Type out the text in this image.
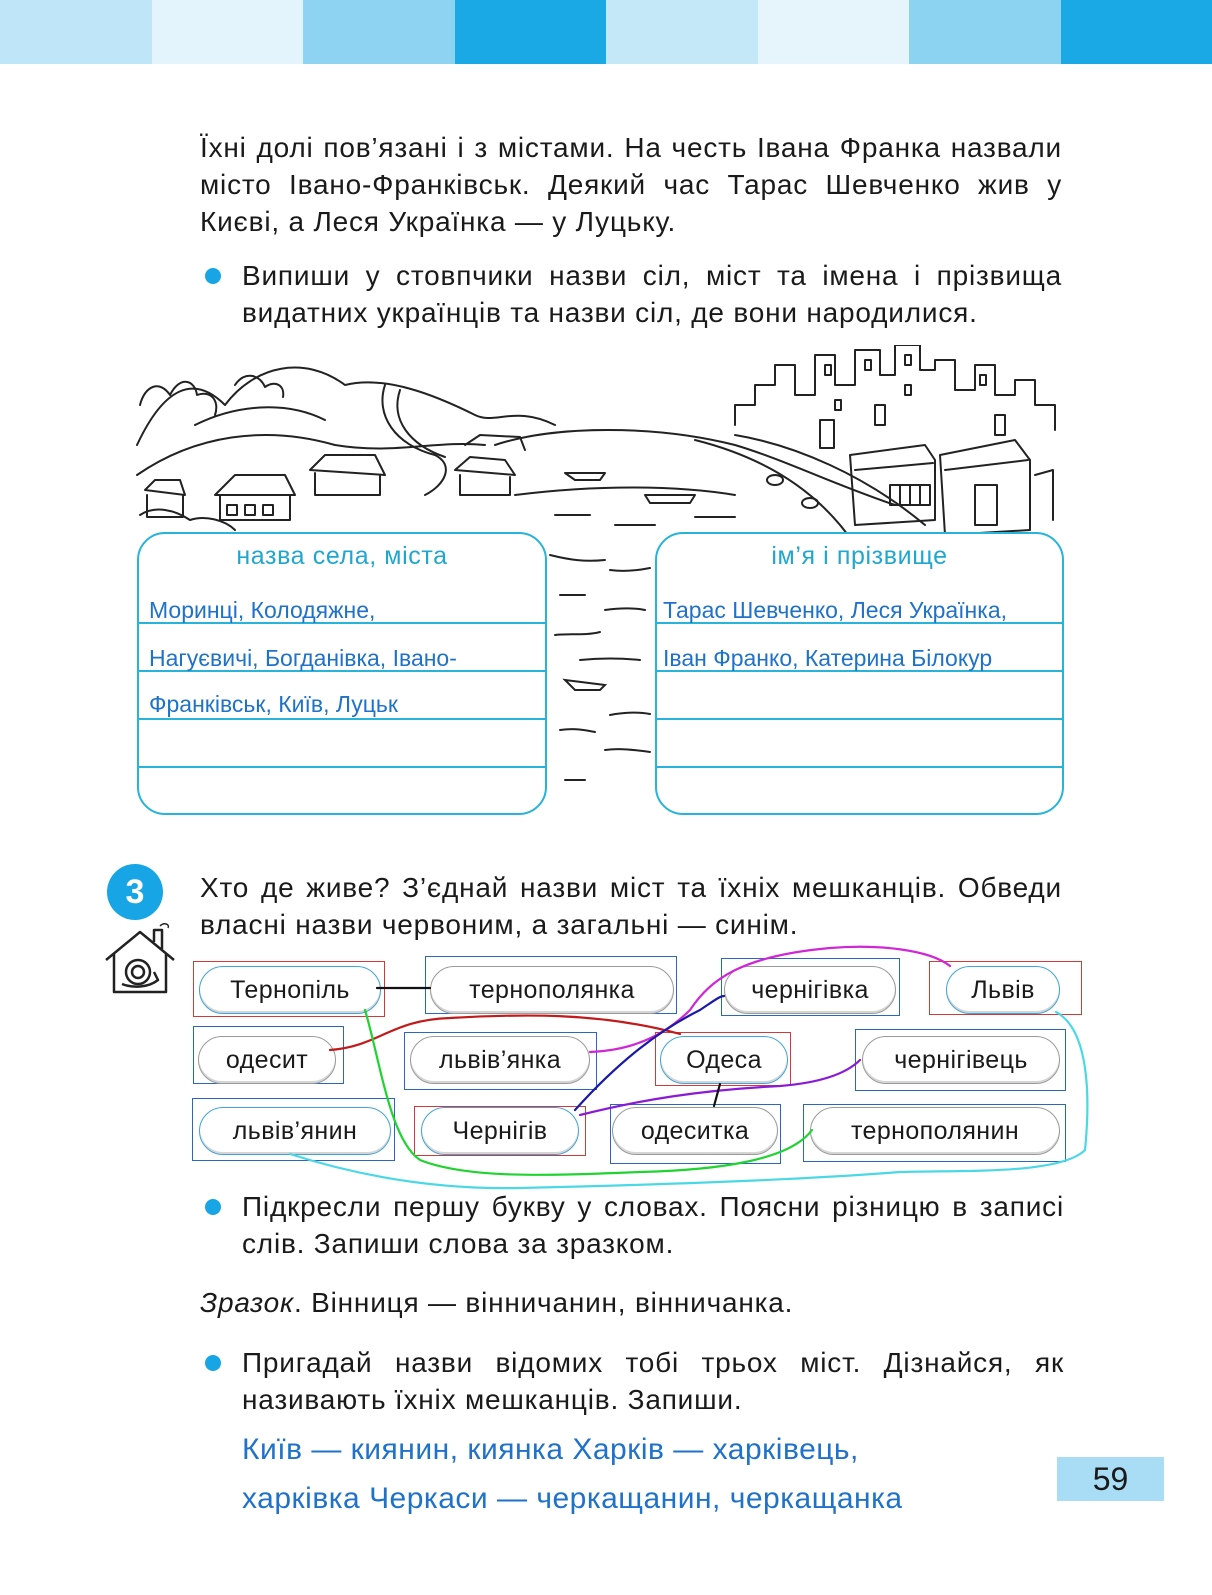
Їхні долі пов’язані і з містами. На честь Івана Франка назвали місто Івано-Франківськ. Деякий час Тарас Шевченко жив у Києві, а Леся Українка — у Луцьку.
Випиши у стовпчики назви сіл, міст та імена і прізвища видатних українців та назви сіл, де вони народилися.
назва села, міста
Моринці, Колодяжне,
Нагуєвичі, Богданівка, Івано-
Франківськ, Київ, Луцьк
ім’я і прізвище
Тарас Шевченко, Леся Українка,
Іван Франко, Катерина Білокур
3	Хто де живе? З’єднай назви міст та їхніх мешканців. Обведи власні назви червоним, а загальні — синім.
Тернопіль	тернополянка	чернігівка	Львів
одесит	львів’янка	Одеса	чернігівець
львів’янин	Чернігів	одеситка	тернополянин
Підкресли першу букву у словах. Поясни різницю в записі слів. Запиши слова за зразком.
Зразок. Вінниця — вінничанин, вінничанка.
Пригадай назви відомих тобі трьох міст. Дізнайся, як називають їхніх мешканців. Запиши.
Київ — киянин, киянка Харків — харківець,
харківка Черкаси — черкащанин, черкащанка
59
